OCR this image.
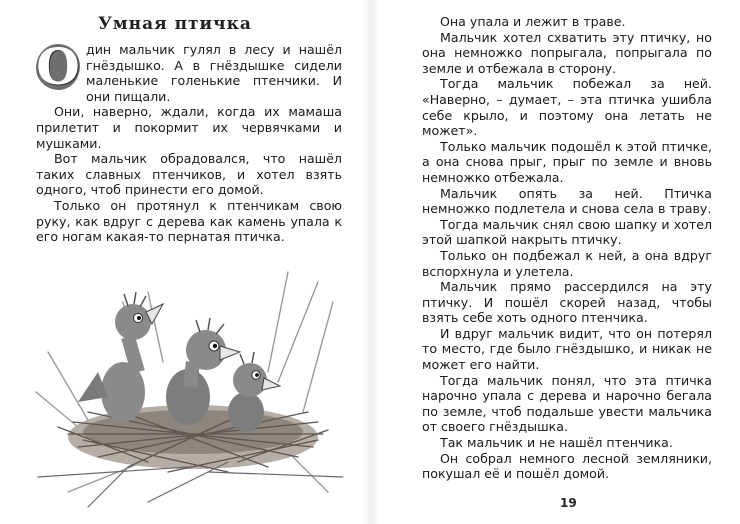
Умная птичка

О дин мальчик гулял в лесу и нашёл гнёздышко. А в гнёздышке сидели маленькие голенькие птенчики. И они пищали.

Они, наверно, ждали, когда их мамаша прилетит и покормит их червячками и мушками.

Вот мальчик обрадовался, что нашёл таких славных птенчиков, и хотел взять одного, чтоб принести его домой.

Только он протянул к птенчикам свою руку, как вдруг с дерева как камень упала к его ногам какая-то пернатая птичка.

Она упала и лежит в траве.

Мальчик хотел схватить эту птичку, но она немножко попрыгала, попрыгала по земле и отбежала в сторону.

Тогда мальчик побежал за ней. «Наверно, – думает, – эта птичка ушибла себе крыло, и поэтому она летать не может».

Только мальчик подошёл к этой птичке, а она снова прыг, прыг по земле и вновь немножко отбежала.

Мальчик опять за ней. Птичка немножко подлетела и снова села в траву.

Тогда мальчик снял свою шапку и хотел этой шапкой накрыть птичку.

Только он подбежал к ней, а она вдруг вспорхнула и улетела.

Мальчик прямо рассердился на эту птичку. И пошёл скорей назад, чтобы взять себе хоть одного птенчика.

И вдруг мальчик видит, что он потерял то место, где было гнёздышко, и никак не может его найти.

Тогда мальчик понял, что эта птичка нарочно упала с дерева и нарочно бегала по земле, чтоб подальше увести мальчика от своего гнёздышка.

Так мальчик и не нашёл птенчика.

Он собрал немного лесной земляники, покушал её и пошёл домой.

19
